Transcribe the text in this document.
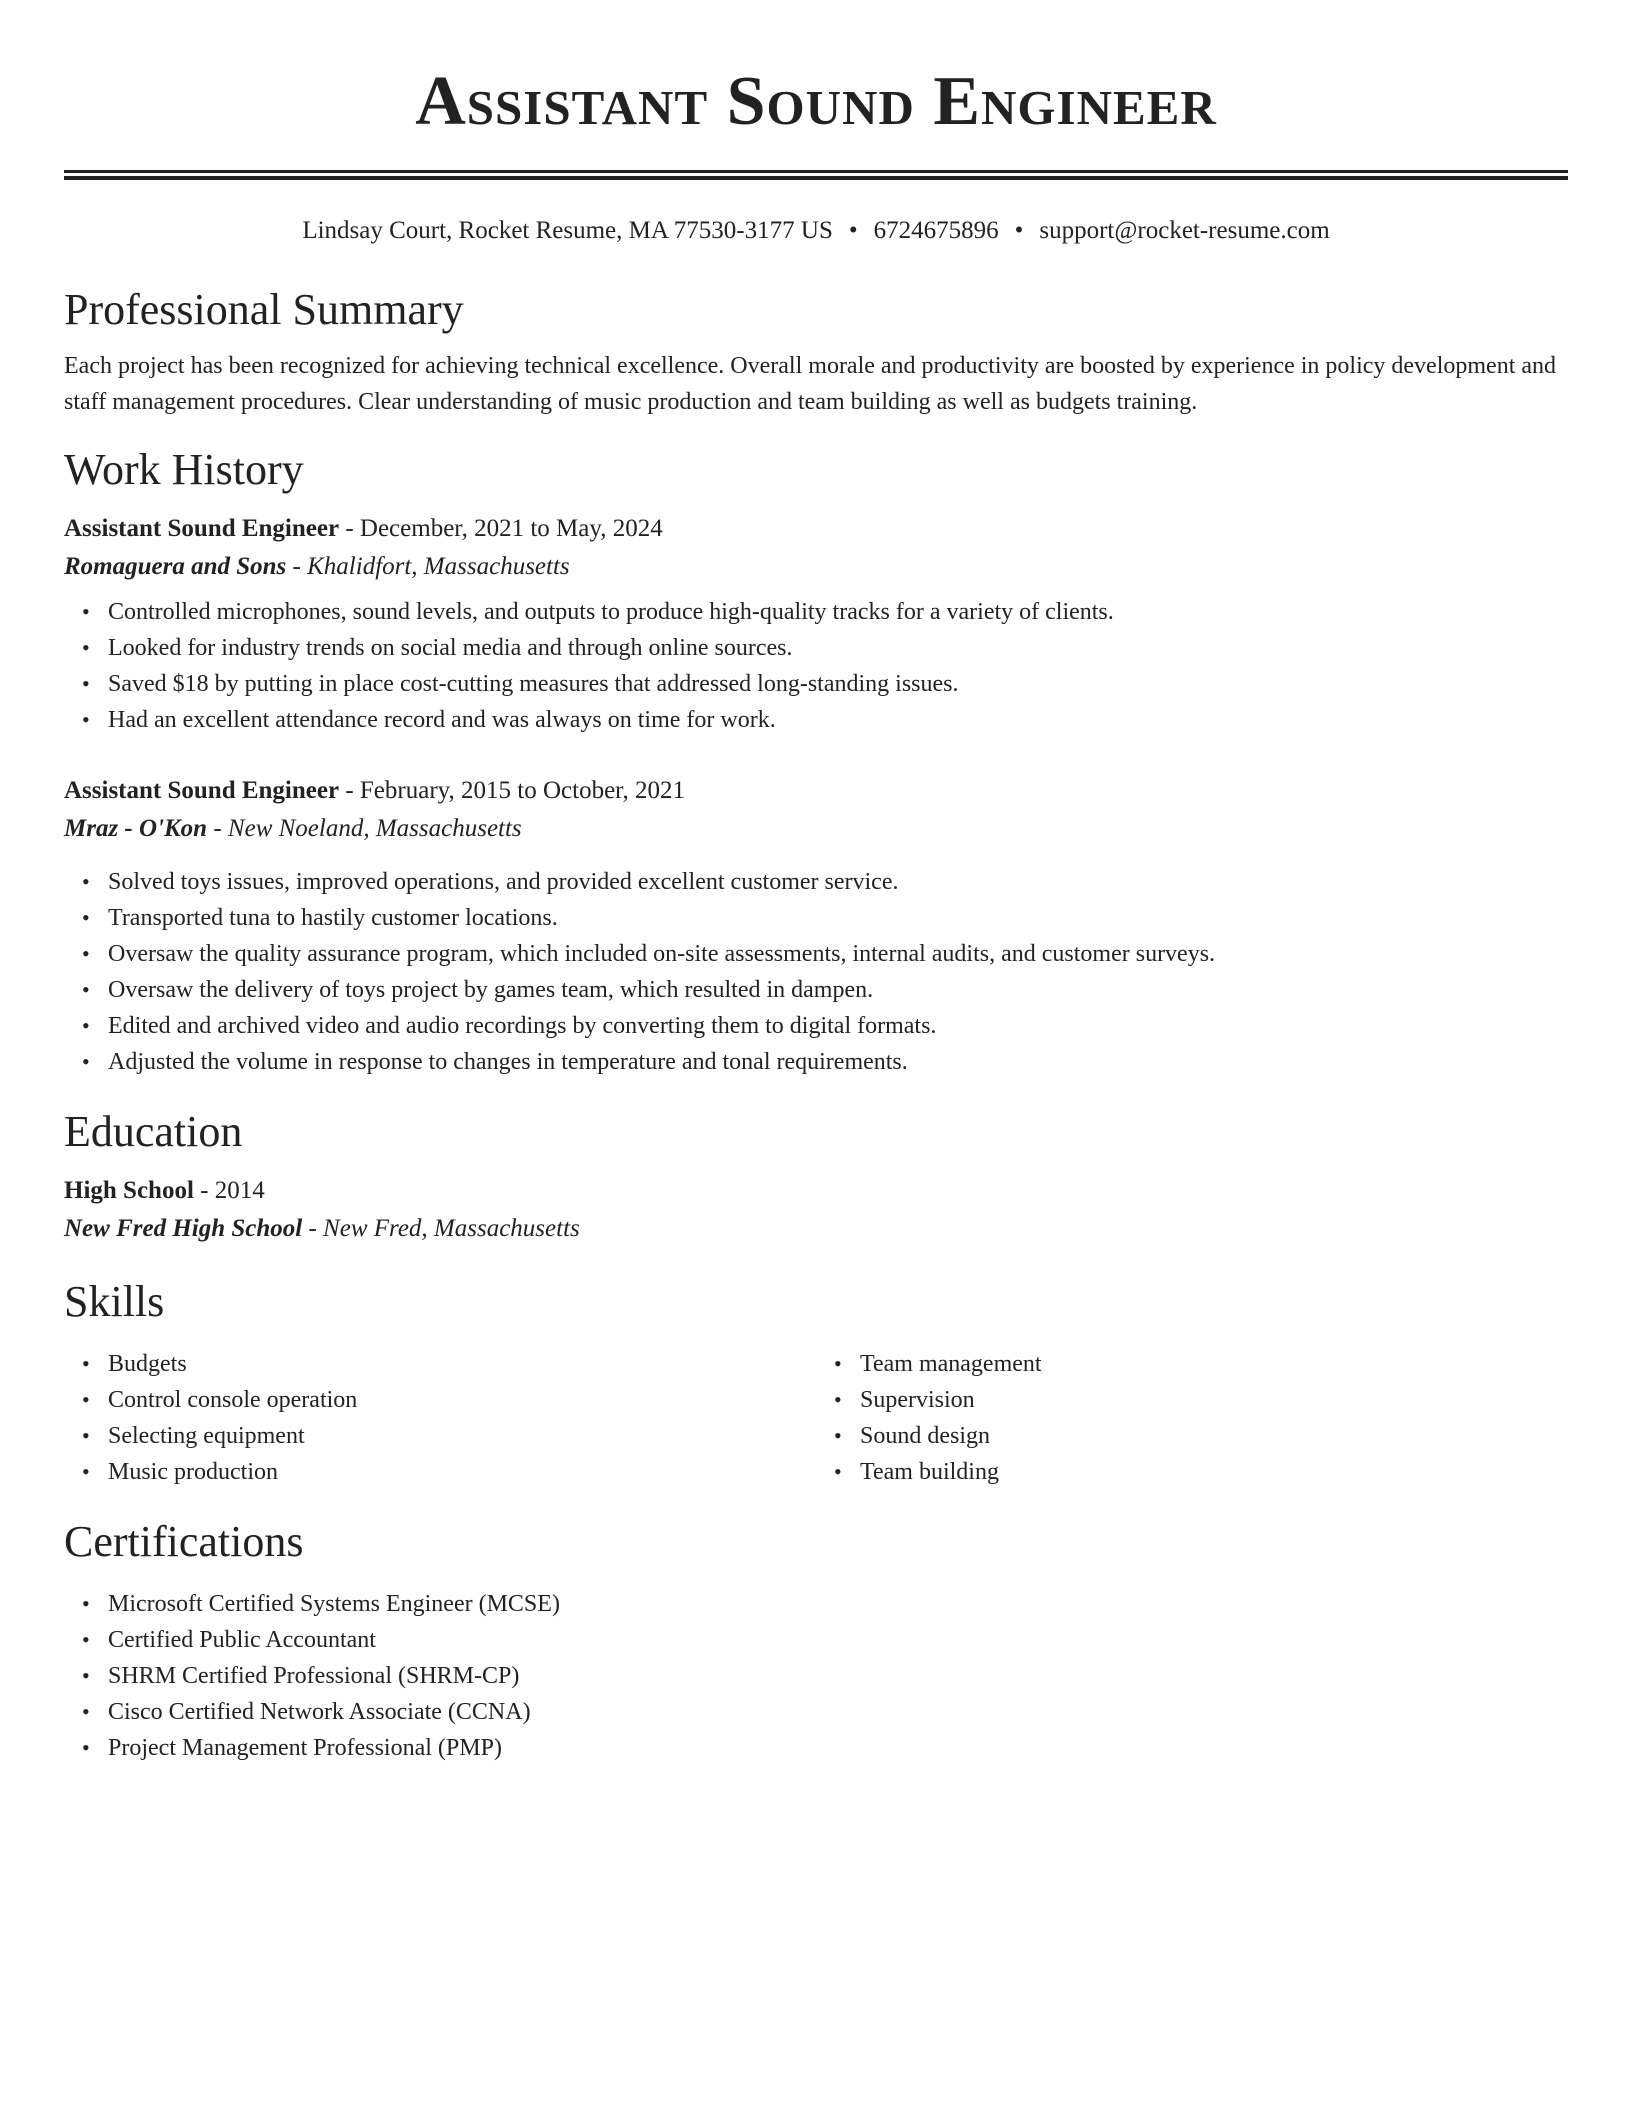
Assistant Sound Engineer
Lindsay Court, Rocket Resume, MA 77530-3177 US • 6724675896 • support@rocket-resume.com
Professional Summary
Each project has been recognized for achieving technical excellence. Overall morale and productivity are boosted by experience in policy development and staff management procedures. Clear understanding of music production and team building as well as budgets training.
Work History
Assistant Sound Engineer - December, 2021 to May, 2024
Romaguera and Sons - Khalidfort, Massachusetts
• Controlled microphones, sound levels, and outputs to produce high-quality tracks for a variety of clients.
• Looked for industry trends on social media and through online sources.
• Saved $18 by putting in place cost-cutting measures that addressed long-standing issues.
• Had an excellent attendance record and was always on time for work.
Assistant Sound Engineer - February, 2015 to October, 2021
Mraz - O'Kon - New Noeland, Massachusetts
• Solved toys issues, improved operations, and provided excellent customer service.
• Transported tuna to hastily customer locations.
• Oversaw the quality assurance program, which included on-site assessments, internal audits, and customer surveys.
• Oversaw the delivery of toys project by games team, which resulted in dampen.
• Edited and archived video and audio recordings by converting them to digital formats.
• Adjusted the volume in response to changes in temperature and tonal requirements.
Education
High School - 2014
New Fred High School - New Fred, Massachusetts
Skills
• Budgets
• Control console operation
• Selecting equipment
• Music production
• Team management
• Supervision
• Sound design
• Team building
Certifications
• Microsoft Certified Systems Engineer (MCSE)
• Certified Public Accountant
• SHRM Certified Professional (SHRM-CP)
• Cisco Certified Network Associate (CCNA)
• Project Management Professional (PMP)
